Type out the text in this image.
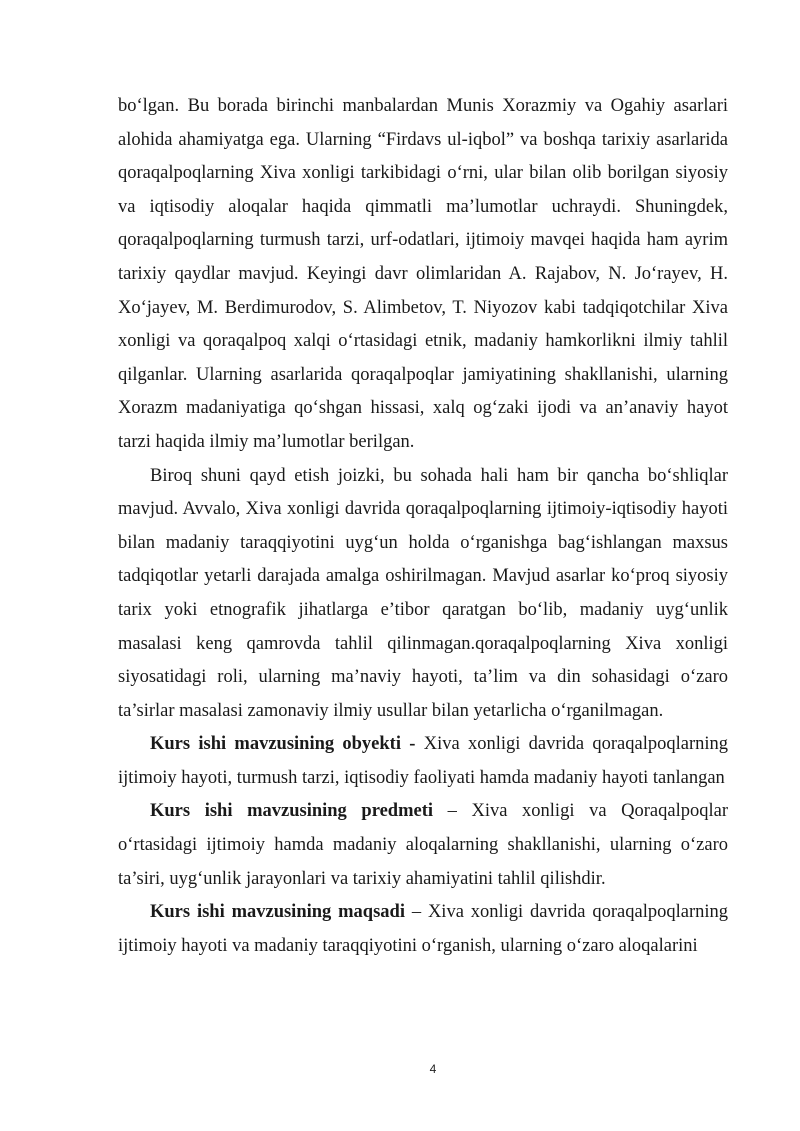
bo‘lgan. Bu borada birinchi manbalardan Munis Xorazmiy va Ogahiy asarlari alohida ahamiyatga ega. Ularning “Firdavs ul-iqbol” va boshqa tarixiy asarlarida qoraqalpoqlarning Xiva xonligi tarkibidagi o‘rni, ular bilan olib borilgan siyosiy va iqtisodiy aloqalar haqida qimmatli ma’lumotlar uchraydi. Shuningdek, qoraqalpoqlarning turmush tarzi, urf-odatlari, ijtimoiy mavqei haqida ham ayrim tarixiy qaydlar mavjud. Keyingi davr olimlaridan A. Rajabov, N. Jo‘rayev, H. Xo‘jayev, M. Berdimurodov, S. Alimbetov, T. Niyozov kabi tadqiqotchilar Xiva xonligi va qoraqalpoq xalqi o‘rtasidagi etnik, madaniy hamkorlikni ilmiy tahlil qilganlar. Ularning asarlarida qoraqalpoqlar jamiyatining shakllanishi, ularning Xorazm madaniyatiga qo‘shgan hissasi, xalq og‘zaki ijodi va an’anaviy hayot tarzi haqida ilmiy ma’lumotlar berilgan.

Biroq shuni qayd etish joizki, bu sohada hali ham bir qancha bo‘shliqlar mavjud. Avvalo, Xiva xonligi davrida qoraqalpoqlarning ijtimoiy-iqtisodiy hayoti bilan madaniy taraqqiyotini uyg‘un holda o‘rganishga bag‘ishlangan maxsus tadqiqotlar yetarli darajada amalga oshirilmagan. Mavjud asarlar ko‘proq siyosiy tarix yoki etnografik jihatlarga e’tibor qaratgan bo‘lib, madaniy uyg‘unlik masalasi keng qamrovda tahlil qilinmagan.qoraqalpoqlarning Xiva xonligi siyosatidagi roli, ularning ma’naviy hayoti, ta’lim va din sohasidagi o‘zaro ta’sirlar masalasi zamonaviy ilmiy usullar bilan yetarlicha o‘rganilmagan.

Kurs ishi mavzusining obyekti - Xiva xonligi davrida qoraqalpoqlarning ijtimoiy hayoti, turmush tarzi, iqtisodiy faoliyati hamda madaniy hayoti tanlangan

Kurs ishi mavzusining predmeti – Xiva xonligi va Qoraqalpoqlar o‘rtasidagi ijtimoiy hamda madaniy aloqalarning shakllanishi, ularning o‘zaro ta’siri, uyg‘unlik jarayonlari va tarixiy ahamiyatini tahlil qilishdir.

Kurs ishi mavzusining maqsadi – Xiva xonligi davrida qoraqalpoqlarning ijtimoiy hayoti va madaniy taraqqiyotini o‘rganish, ularning o‘zaro aloqalarini

4
